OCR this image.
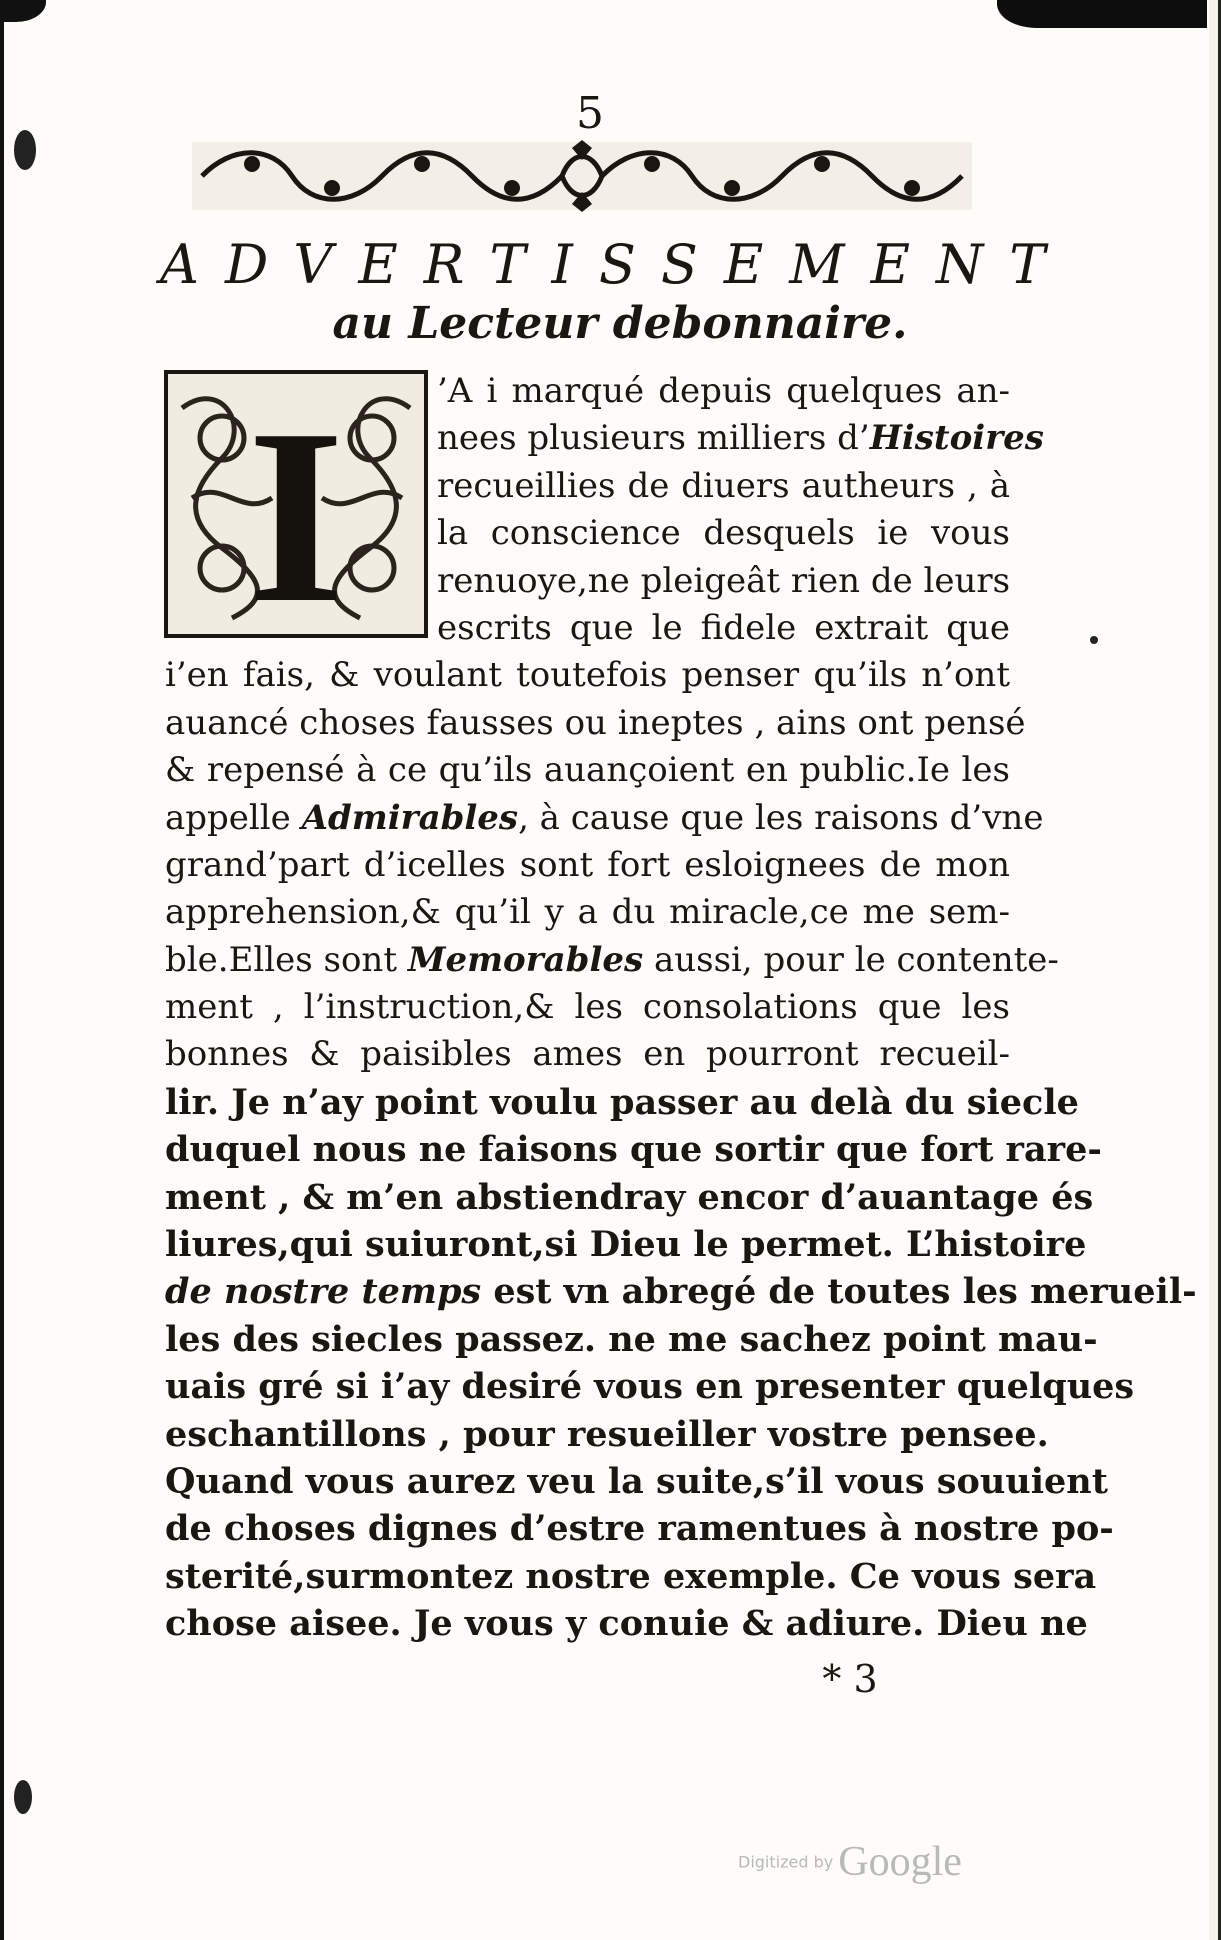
5
ADVERTISSEMENT
au Lecteur debonnaire.
I	’A i marqué depuis quelques an-
nees plusieurs milliers d’Histoires
recueillies de diuers autheurs , à
la conscience desquels ie vous
renuoye,ne pleigeât rien de leurs
escrits que le fidele extrait que
i’en fais, & voulant toutefois penser qu’ils n’ont
auancé choses fausses ou ineptes , ains ont pensé
& repensé à ce qu’ils auançoient en public.Ie les
appelle Admirables, à cause que les raisons d’vne
grand’part d’icelles sont fort esloignees de mon
apprehension,& qu’il y a du miracle,ce me sem-
ble.Elles sont Memorables aussi, pour le contente-
ment , l’instruction,& les consolations que les
bonnes & paisibles ames en pourront recueil-
lir. Je n’ay point voulu passer au delà du siecle
duquel nous ne faisons que sortir que fort rare-
ment , & m’en abstiendray encor d’auantage és
liures,qui suiuront,si Dieu le permet. L’histoire
de nostre temps est vn abregé de toutes les merueil-
les des siecles passez. ne me sachez point mau-
uais gré si i’ay desiré vous en presenter quelques
eschantillons , pour resueiller vostre pensee.
Quand vous aurez veu la suite,s’il vous souuient
de choses dignes d’estre ramentues à nostre po-
sterité,surmontez nostre exemple. Ce vous sera
chose aisee. Je vous y conuie & adiure. Dieu ne
* 3
Digitized by Google
